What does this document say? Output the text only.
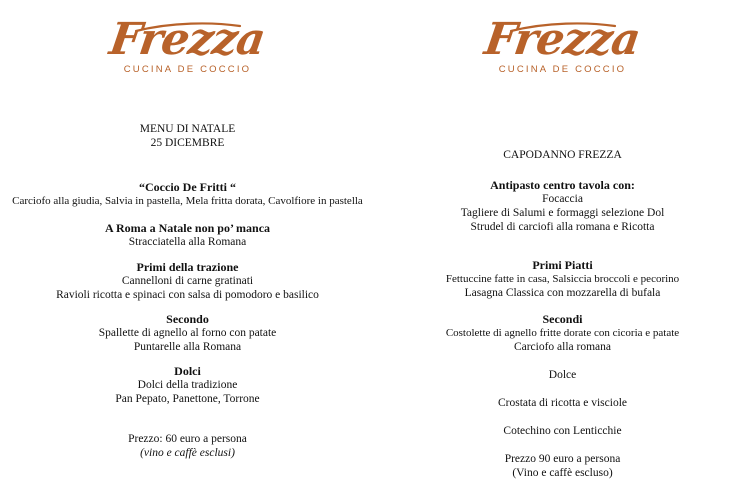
Frezza
CUCINA DE COCCIO
MENU DI NATALE
25 DICEMBRE
“Coccio De Fritti “
Carciofo alla giudia, Salvia in pastella, Mela fritta dorata, Cavolfiore in pastella
A Roma a Natale non po’ manca
Stracciatella alla Romana
Primi della trazione
Cannelloni di carne gratinati
Ravioli ricotta e spinaci con salsa di pomodoro e basilico
Secondo
Spallette di agnello al forno con patate
Puntarelle alla Romana
Dolci
Dolci della tradizione
Pan Pepato, Panettone, Torrone
Prezzo: 60 euro a persona
(vino e caffè esclusi)
Frezza
CUCINA DE COCCIO
CAPODANNO FREZZA
Antipasto centro tavola con:
Focaccia
Tagliere di Salumi e formaggi selezione Dol
Strudel di carciofi alla romana e Ricotta
Primi Piatti
Fettuccine fatte in casa, Salsiccia broccoli e pecorino
Lasagna Classica con mozzarella di bufala
Secondi
Costolette di agnello fritte dorate con cicoria e patate
Carciofo alla romana
Dolce
Crostata di ricotta e visciole
Cotechino con Lenticchie
Prezzo 90 euro a persona
(Vino e caffè escluso)
